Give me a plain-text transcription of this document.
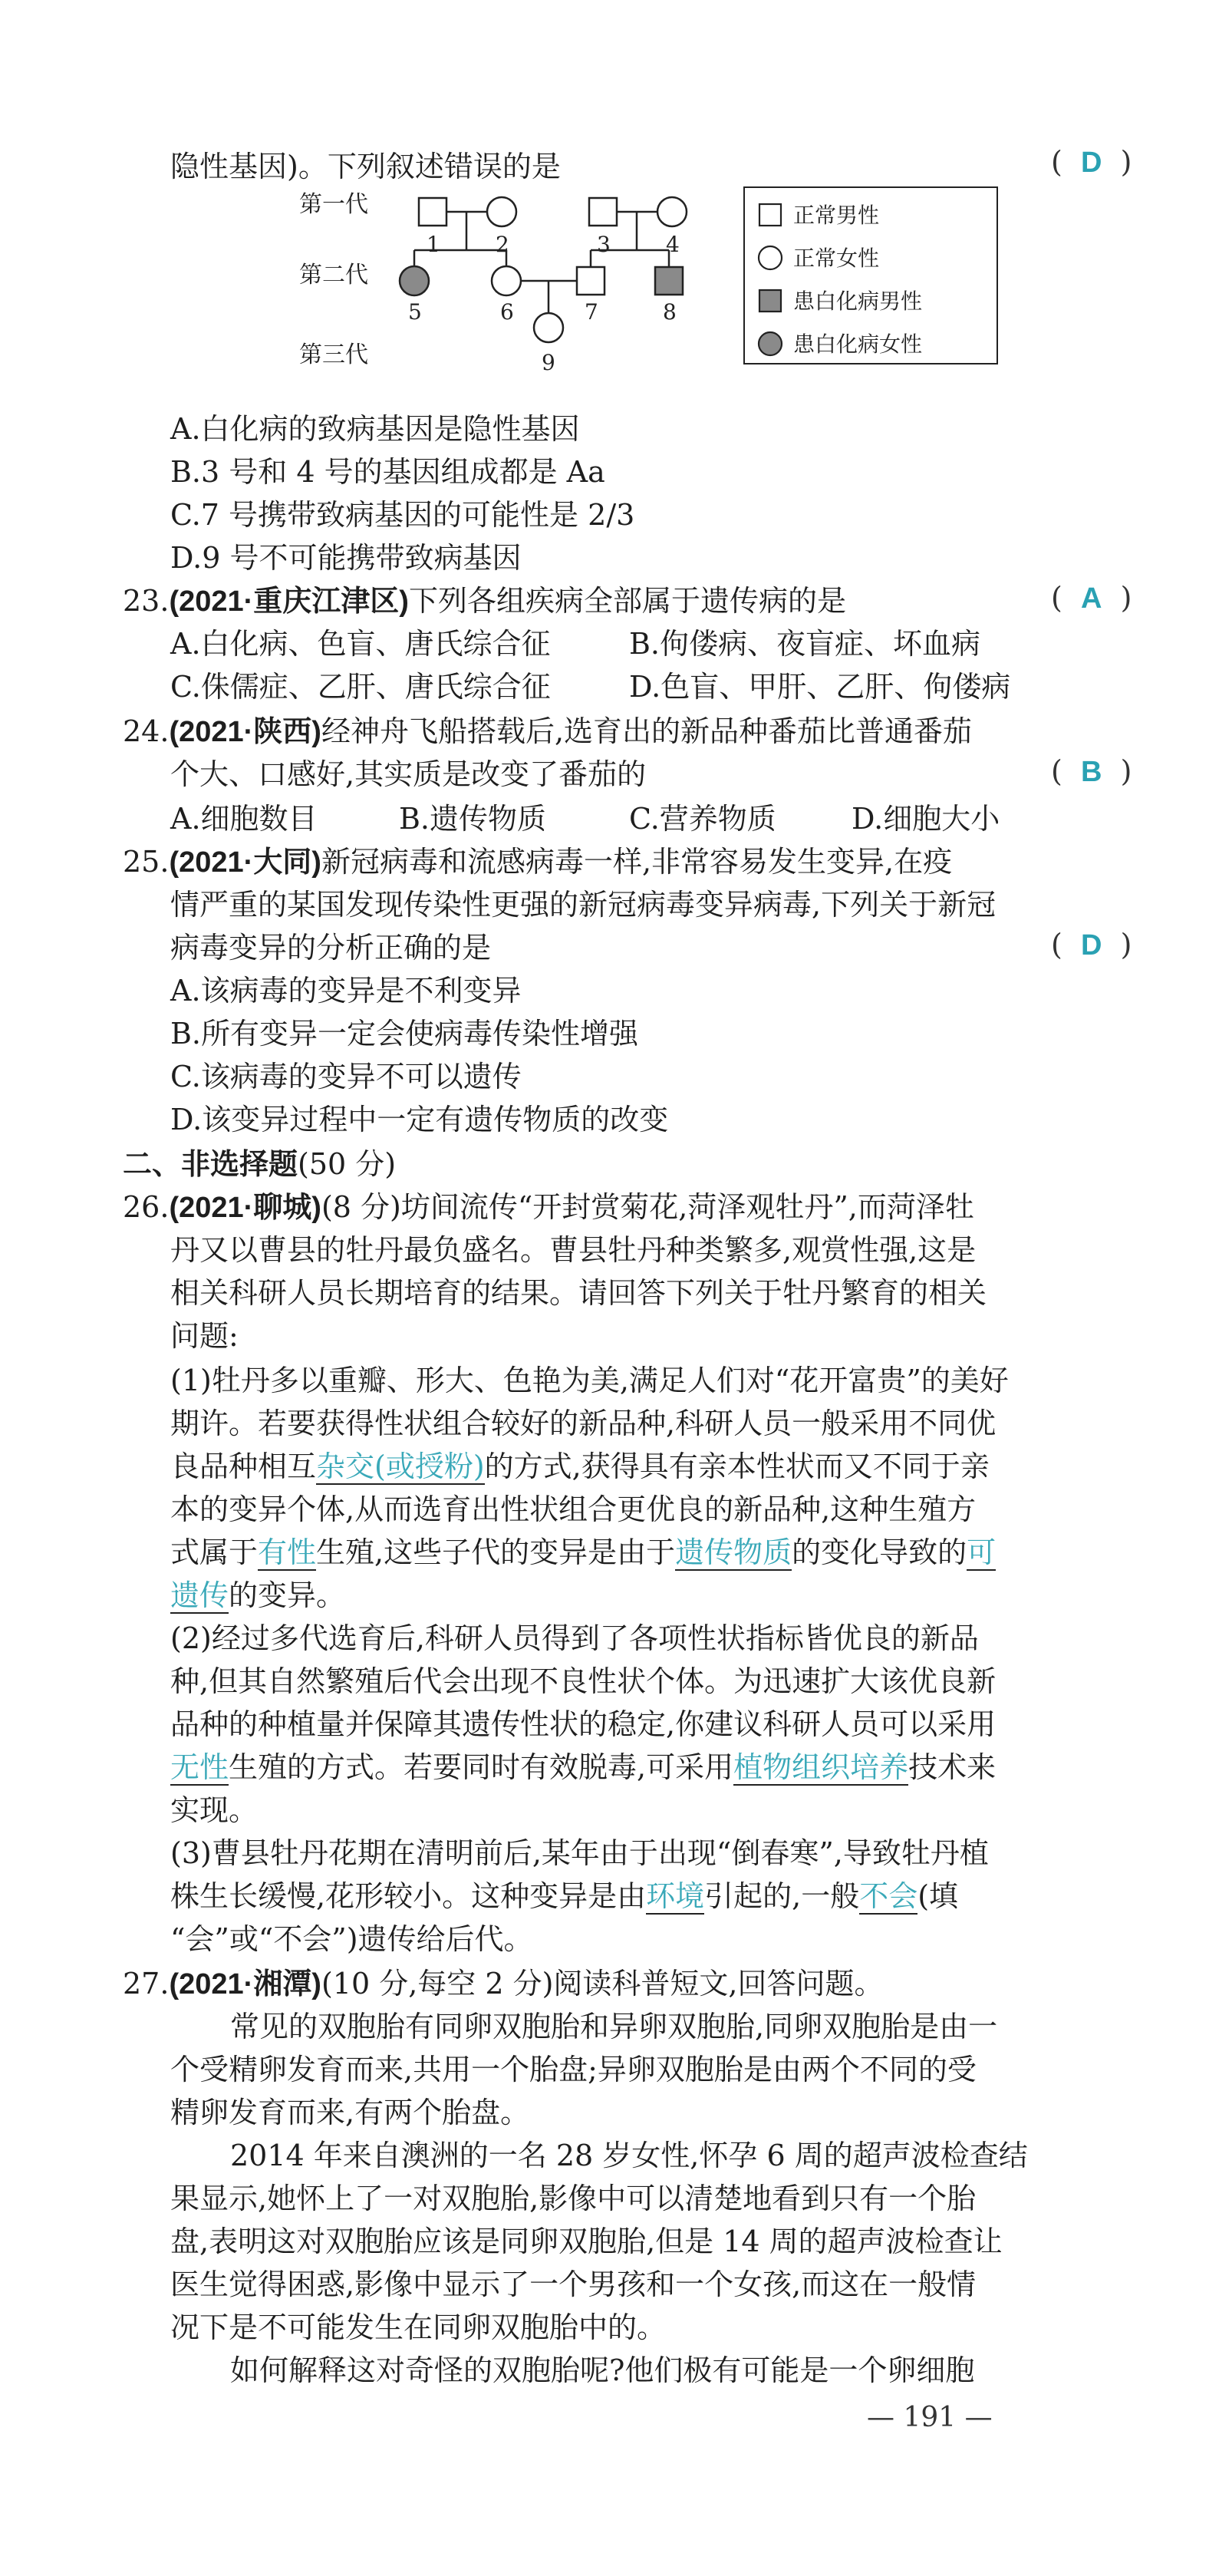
隐性基因)。下列叙述错误的是	( D )
第一代
第二代
第三代
1	2	3	4
5	6	7	8
9
正常男性
正常女性
患白化病男性
患白化病女性
A.白化病的致病基因是隐性基因
B.3 号和 4 号的基因组成都是 Aa
C.7 号携带致病基因的可能性是 2/3
D.9 号不可能携带致病基因
23.(2021·重庆江津区)下列各组疾病全部属于遗传病的是	( A )
A.白化病、色盲、唐氏综合征	B.佝偻病、夜盲症、坏血病
C.侏儒症、乙肝、唐氏综合征	D.色盲、甲肝、乙肝、佝偻病
24.(2021·陕西)经神舟飞船搭载后,选育出的新品种番茄比普通番茄
个大、口感好,其实质是改变了番茄的	( B )
A.细胞数目	B.遗传物质	C.营养物质	D.细胞大小
25.(2021·大同)新冠病毒和流感病毒一样,非常容易发生变异,在疫
情严重的某国发现传染性更强的新冠病毒变异病毒,下列关于新冠
病毒变异的分析正确的是	( D )
A.该病毒的变异是不利变异
B.所有变异一定会使病毒传染性增强
C.该病毒的变异不可以遗传
D.该变异过程中一定有遗传物质的改变
二、非选择题(50 分)
26.(2021·聊城)(8 分)坊间流传“开封赏菊花,菏泽观牡丹”,而菏泽牡
丹又以曹县的牡丹最负盛名。曹县牡丹种类繁多,观赏性强,这是
相关科研人员长期培育的结果。请回答下列关于牡丹繁育的相关
问题:
(1)牡丹多以重瓣、形大、色艳为美,满足人们对“花开富贵”的美好
期许。若要获得性状组合较好的新品种,科研人员一般采用不同优
良品种相互杂交(或授粉)的方式,获得具有亲本性状而又不同于亲
本的变异个体,从而选育出性状组合更优良的新品种,这种生殖方
式属于有性生殖,这些子代的变异是由于遗传物质的变化导致的可
遗传的变异。
(2)经过多代选育后,科研人员得到了各项性状指标皆优良的新品
种,但其自然繁殖后代会出现不良性状个体。为迅速扩大该优良新
品种的种植量并保障其遗传性状的稳定,你建议科研人员可以采用
无性生殖的方式。若要同时有效脱毒,可采用植物组织培养技术来
实现。
(3)曹县牡丹花期在清明前后,某年由于出现“倒春寒”,导致牡丹植
株生长缓慢,花形较小。这种变异是由环境引起的,一般不会(填
“会”或“不会”)遗传给后代。
27.(2021·湘潭)(10 分,每空 2 分)阅读科普短文,回答问题。
常见的双胞胎有同卵双胞胎和异卵双胞胎,同卵双胞胎是由一
个受精卵发育而来,共用一个胎盘;异卵双胞胎是由两个不同的受
精卵发育而来,有两个胎盘。
2014 年来自澳洲的一名 28 岁女性,怀孕 6 周的超声波检查结
果显示,她怀上了一对双胞胎,影像中可以清楚地看到只有一个胎
盘,表明这对双胞胎应该是同卵双胞胎,但是 14 周的超声波检查让
医生觉得困惑,影像中显示了一个男孩和一个女孩,而这在一般情
况下是不可能发生在同卵双胞胎中的。
如何解释这对奇怪的双胞胎呢?他们极有可能是一个卵细胞
— 191 —
